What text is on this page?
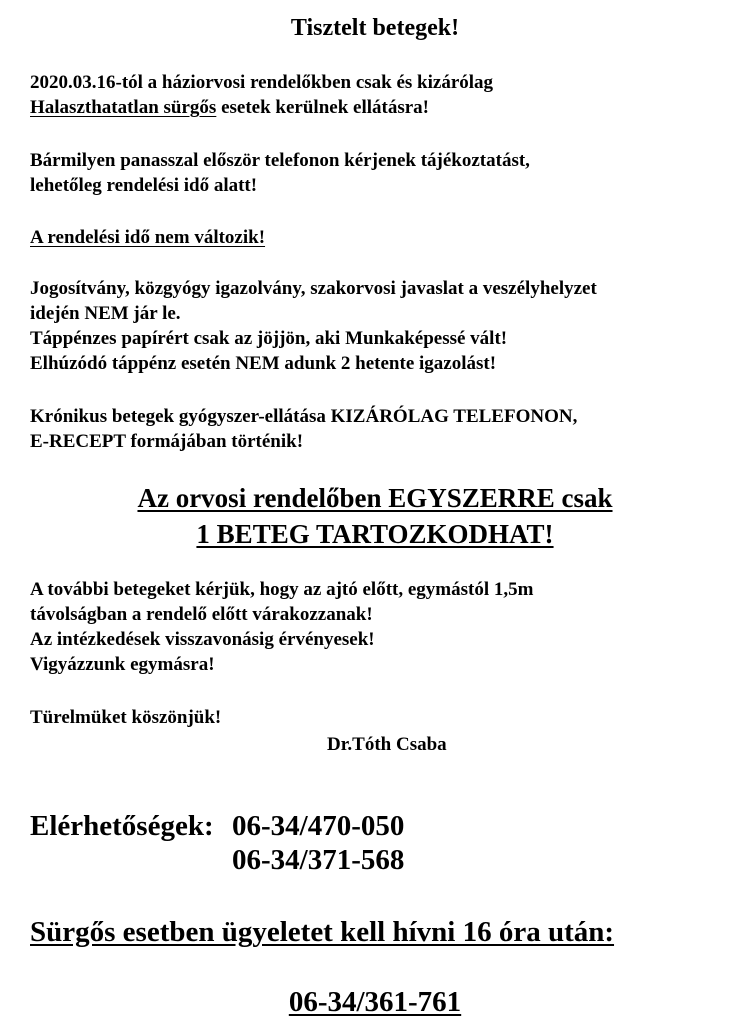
Tisztelt betegek!
2020.03.16-tól a háziorvosi rendelőkben csak és kizárólag
Halaszthatatlan sürgős esetek kerülnek ellátásra!
Bármilyen panasszal először telefonon kérjenek tájékoztatást,
lehetőleg rendelési idő alatt!
A rendelési idő nem változik!
Jogosítvány, közgyógy igazolvány, szakorvosi javaslat a veszélyhelyzet
idején NEM jár le.
Táppénzes papírért csak az jöjjön, aki Munkaképessé vált!
Elhúzódó táppénz esetén NEM adunk 2 hetente igazolást!
Krónikus betegek gyógyszer-ellátása KIZÁRÓLAG TELEFONON,
E-RECEPT formájában történik!
Az orvosi rendelőben EGYSZERRE csak
1 BETEG TARTOZKODHAT!
A további betegeket kérjük, hogy az ajtó előtt, egymástól 1,5m
távolságban a rendelő előtt várakozzanak!
Az intézkedések visszavonásig érvényesek!
Vigyázzunk egymásra!
Türelmüket köszönjük!
Dr.Tóth Csaba
Elérhetőségek: 06-34/470-050
06-34/371-568
Sürgős esetben ügyeletet kell hívni 16 óra után:
06-34/361-761
